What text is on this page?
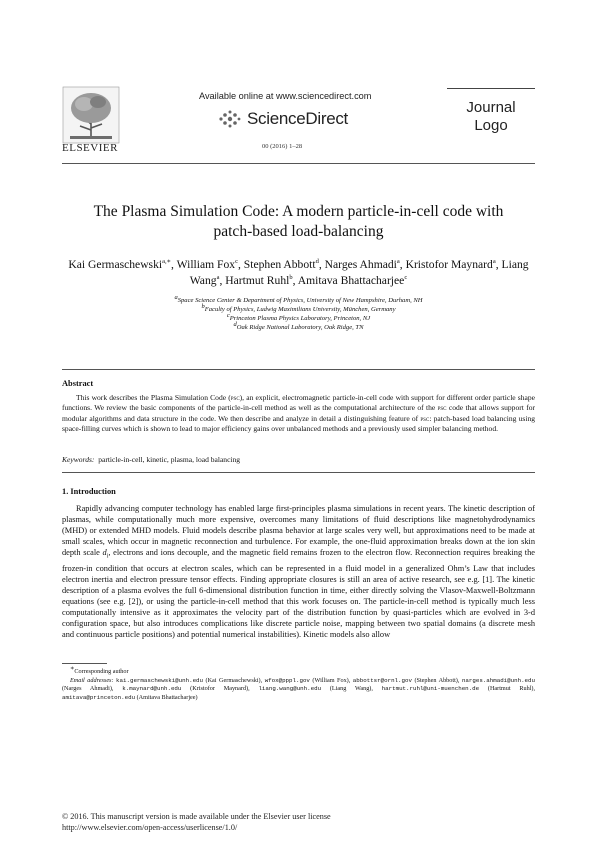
ELSEVIER
Available online at www.sciencedirect.com
ScienceDirect
00 (2016) 1–28
Journal
Logo
The Plasma Simulation Code: A modern particle-in-cell code with
patch-based load-balancing
Kai Germaschewski$^{a,∗}$, William Fox$^c$, Stephen Abbott$^d$, Narges Ahmadi$^a$, Kristofor Maynard$^a$, Liang Wang$^a$, Hartmut Ruhl$^b$, Amitava Bhattacharjee$^c$
$^a$Space Science Center & Department of Physics, University of New Hampshire, Durham, NH
$^b$Faculty of Physics, Ludwig Maximilians University, München, Germany
$^c$Princeton Plasma Physics Laboratory, Princeton, NJ
$^d$Oak Ridge National Laboratory, Oak Ridge, TN
Abstract
This work describes the Plasma Simulation Code (psc), an explicit, electromagnetic particle-in-cell code with support for different order particle shape functions. We review the basic components of the particle-in-cell method as well as the computational architecture of the psc code that allows support for modular algorithms and data structure in the code. We then describe and analyze in detail a distinguishing feature of psc: patch-based load balancing using space-filling curves which is shown to lead to major efficiency gains over unbalanced methods and a previously used simpler balancing method.
Keywords: particle-in-cell, kinetic, plasma, load balancing
1. Introduction
Rapidly advancing computer technology has enabled large first-principles plasma simulations in recent years. The kinetic description of plasmas, while computationally much more expensive, overcomes many limitations of fluid descriptions like magnetohydrodynamics (MHD) or extended MHD models. Fluid models describe plasma behavior at large scales very well, but approximations need to be made at small scales, which occur in magnetic reconnection and turbulence. For example, the one-fluid approximation breaks down at the ion skin depth scale $d_i$, electrons and ions decouple, and the magnetic field remains frozen to the electron flow. Reconnection requires breaking the frozen-in condition that occurs at electron scales, which can be represented in a fluid model in a generalized Ohm’s Law that includes electron inertia and electron pressure tensor effects. Finding appropriate closures is still an area of active research, see e.g. [1]. The kinetic description of a plasma evolves the full 6-dimensional distribution function in time, either directly solving the Vlasov-Maxwell-Boltzmann equations (see e.g. [2]), or using the particle-in-cell method that this work focuses on. The particle-in-cell method is typically much less computationally intensive as it approximates the velocity part of the distribution function by quasi-particles which are evolved in 3-d configuration space, but also introduces complications like discrete particle noise, mapping between two spatial domains (a discrete mesh and continuous particle positions) and potential numerical instabilities). Kinetic models also allow
∗Corresponding author
Email addresses: kai.germaschewski@unh.edu (Kai Germaschewski), wfox@pppl.gov (William Fox), abbottsr@ornl.gov (Stephen Abbott), narges.ahmadi@unh.edu (Narges Ahmadi), k.maynard@unh.edu (Kristofor Maynard), liang.wang@unh.edu (Liang Wang), hartmut.ruhl@uni-muenchen.de (Hartmut Ruhl), amitava@princeton.edu (Amitava Bhattacharjee)
© 2016. This manuscript version is made available under the Elsevier user license
http://www.elsevier.com/open-access/userlicense/1.0/
